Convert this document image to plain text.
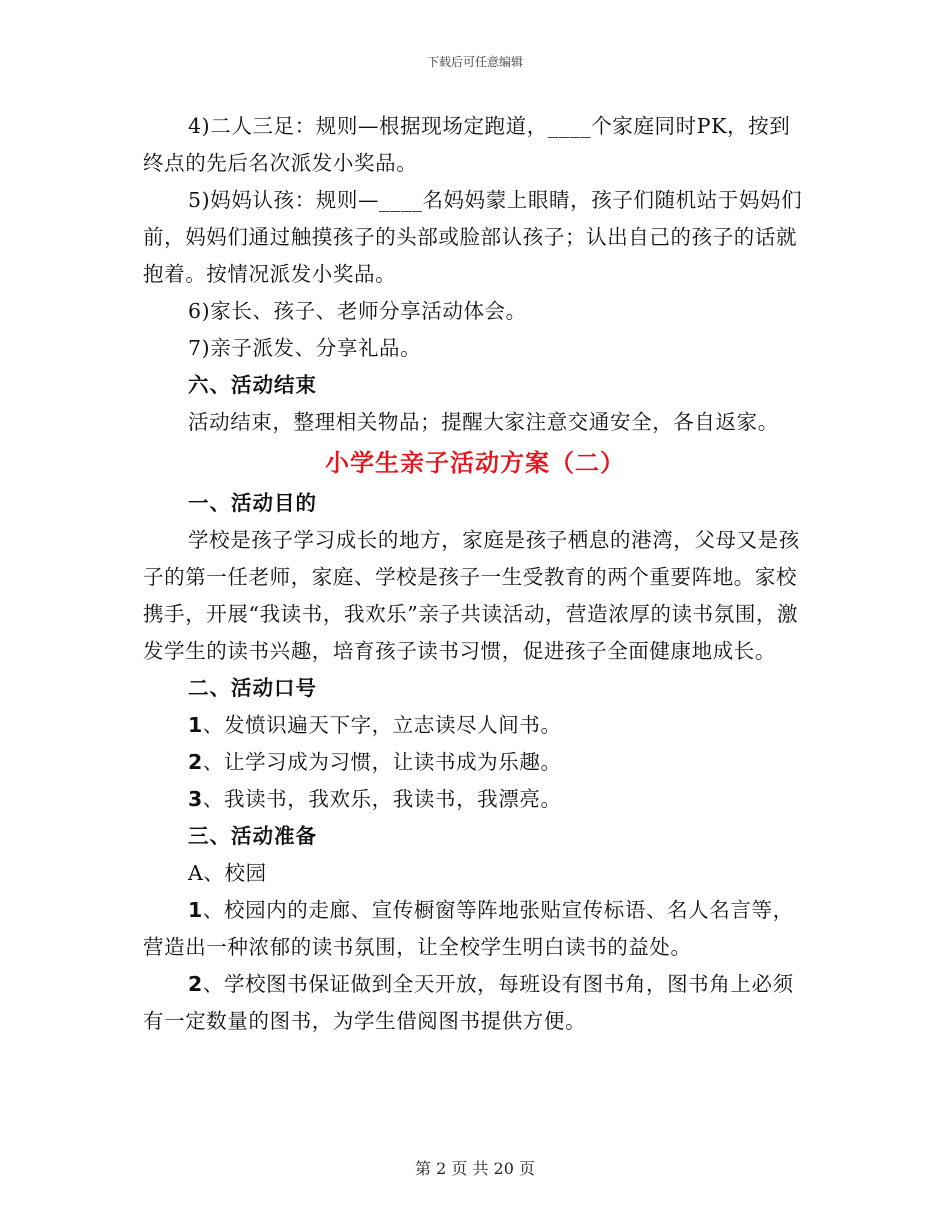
下载后可任意编辑

4)二人三足：规则—根据现场定跑道，____个家庭同时PK，按到终点的先后名次派发小奖品。

5)妈妈认孩：规则—____名妈妈蒙上眼睛，孩子们随机站于妈妈们前，妈妈们通过触摸孩子的头部或脸部认孩子；认出自己的孩子的话就抱着。按情况派发小奖品。

6)家长、孩子、老师分享活动体会。

7)亲子派发、分享礼品。

六、活动结束

活动结束，整理相关物品；提醒大家注意交通安全，各自返家。

小学生亲子活动方案（二）

一、活动目的

学校是孩子学习成长的地方，家庭是孩子栖息的港湾，父母又是孩子的第一任老师，家庭、学校是孩子一生受教育的两个重要阵地。家校携手，开展“我读书，我欢乐”亲子共读活动，营造浓厚的读书氛围，激发学生的读书兴趣，培育孩子读书习惯，促进孩子全面健康地成长。

二、活动口号

1、发愤识遍天下字，立志读尽人间书。

2、让学习成为习惯，让读书成为乐趣。

3、我读书，我欢乐，我读书，我漂亮。

三、活动准备

A、校园

1、校园内的走廊、宣传橱窗等阵地张贴宣传标语、名人名言等，营造出一种浓郁的读书氛围，让全校学生明白读书的益处。

2、学校图书保证做到全天开放，每班设有图书角，图书角上必须有一定数量的图书，为学生借阅图书提供方便。

第 2 页 共 20 页
